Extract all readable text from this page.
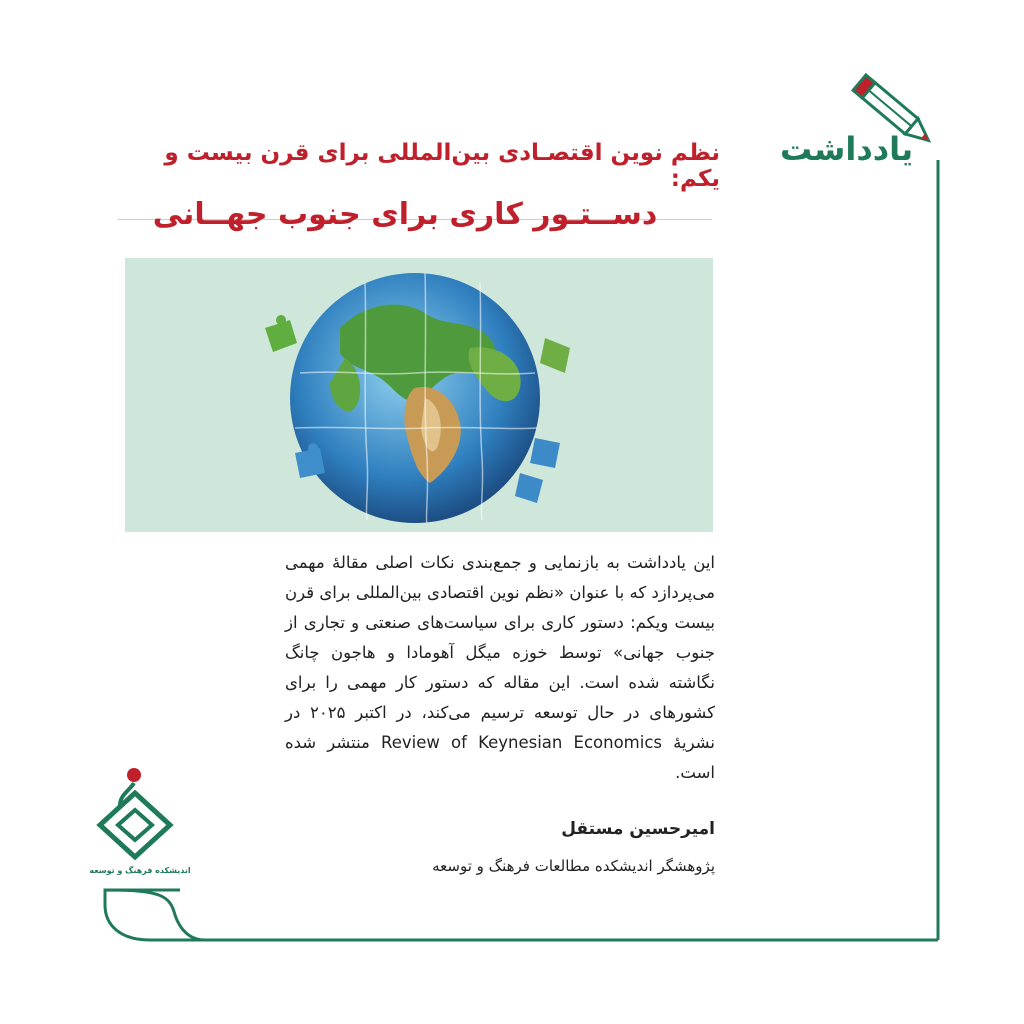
یادداشت
نظم نوین اقتصـادی بین‌المللی برای قرن بیست و یکم:
دســتـور کاری برای جنوب جهــانی
این یادداشت به بازنمایی و جمع‌بندی نکات اصلی مقالهٔ مهمی می‌پردازد که با عنوان «نظم نوین اقتصادی بین‌المللی برای قرن بیست ویکم: دستور کاری برای سیاست‌های صنعتی و تجاری از جنوب جهانی» توسط خوزه میگل آهومادا و ها‌جون چانگ نگاشته شده است. این مقاله که دستور کار مهمی را برای کشورهای در حال توسعه ترسیم می‌کند، در اکتبر ۲۰۲۵ در نشریهٔ Review of Keynesian Economics منتشر شده است.
امیرحسین مستقل
پژوهشگر اندیشکده مطالعات فرهنگ و توسعه
اندیشکده فرهنگ و توسعه
